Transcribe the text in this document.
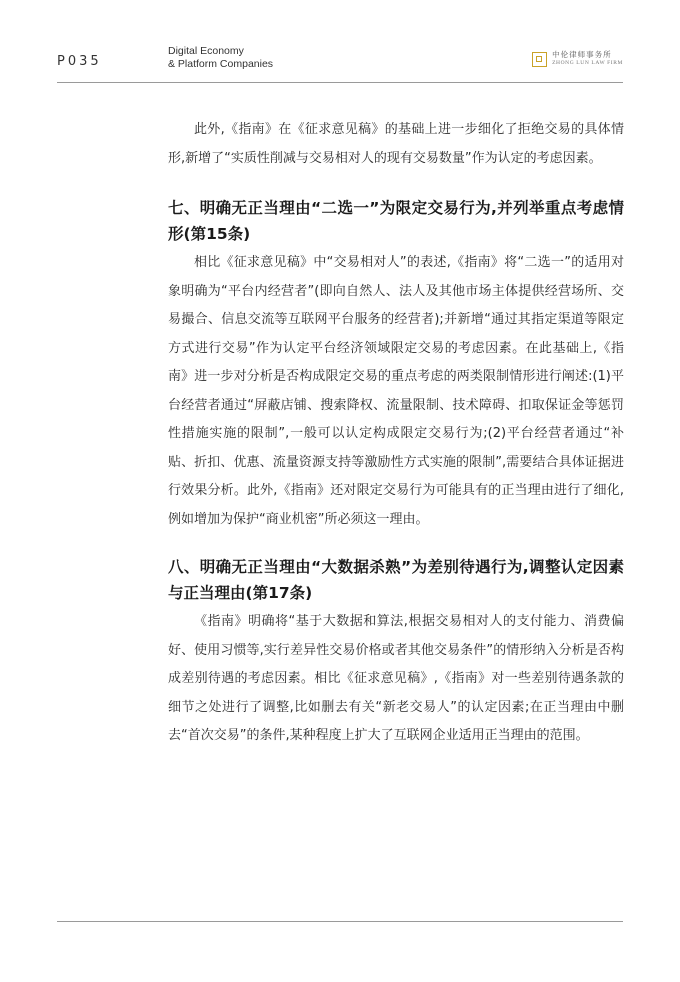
P035
Digital Economy
& Platform Companies
中伦律师事务所
ZHONG LUN LAW FIRM

此外,《指南》在《征求意见稿》的基础上进一步细化了拒绝交易的具体情形,新增了“实质性削减与交易相对人的现有交易数量”作为认定的考虑因素。

七、明确无正当理由“二选一”为限定交易行为,并列举重点考虑情形(第15条)

相比《征求意见稿》中“交易相对人”的表述,《指南》将“二选一”的适用对象明确为“平台内经营者”(即向自然人、法人及其他市场主体提供经营场所、交易撮合、信息交流等互联网平台服务的经营者);并新增“通过其指定渠道等限定方式进行交易”作为认定平台经济领域限定交易的考虑因素。在此基础上,《指南》进一步对分析是否构成限定交易的重点考虑的两类限制情形进行阐述:(1)平台经营者通过“屏蔽店铺、搜索降权、流量限制、技术障碍、扣取保证金等惩罚性措施实施的限制”,一般可以认定构成限定交易行为;(2)平台经营者通过“补贴、折扣、优惠、流量资源支持等激励性方式实施的限制”,需要结合具体证据进行效果分析。此外,《指南》还对限定交易行为可能具有的正当理由进行了细化,例如增加为保护“商业机密”所必须这一理由。

八、明确无正当理由“大数据杀熟”为差别待遇行为,调整认定因素与正当理由(第17条)

《指南》明确将“基于大数据和算法,根据交易相对人的支付能力、消费偏好、使用习惯等,实行差异性交易价格或者其他交易条件”的情形纳入分析是否构成差别待遇的考虑因素。相比《征求意见稿》,《指南》对一些差别待遇条款的细节之处进行了调整,比如删去有关“新老交易人”的认定因素;在正当理由中删去“首次交易”的条件,某种程度上扩大了互联网企业适用正当理由的范围。
